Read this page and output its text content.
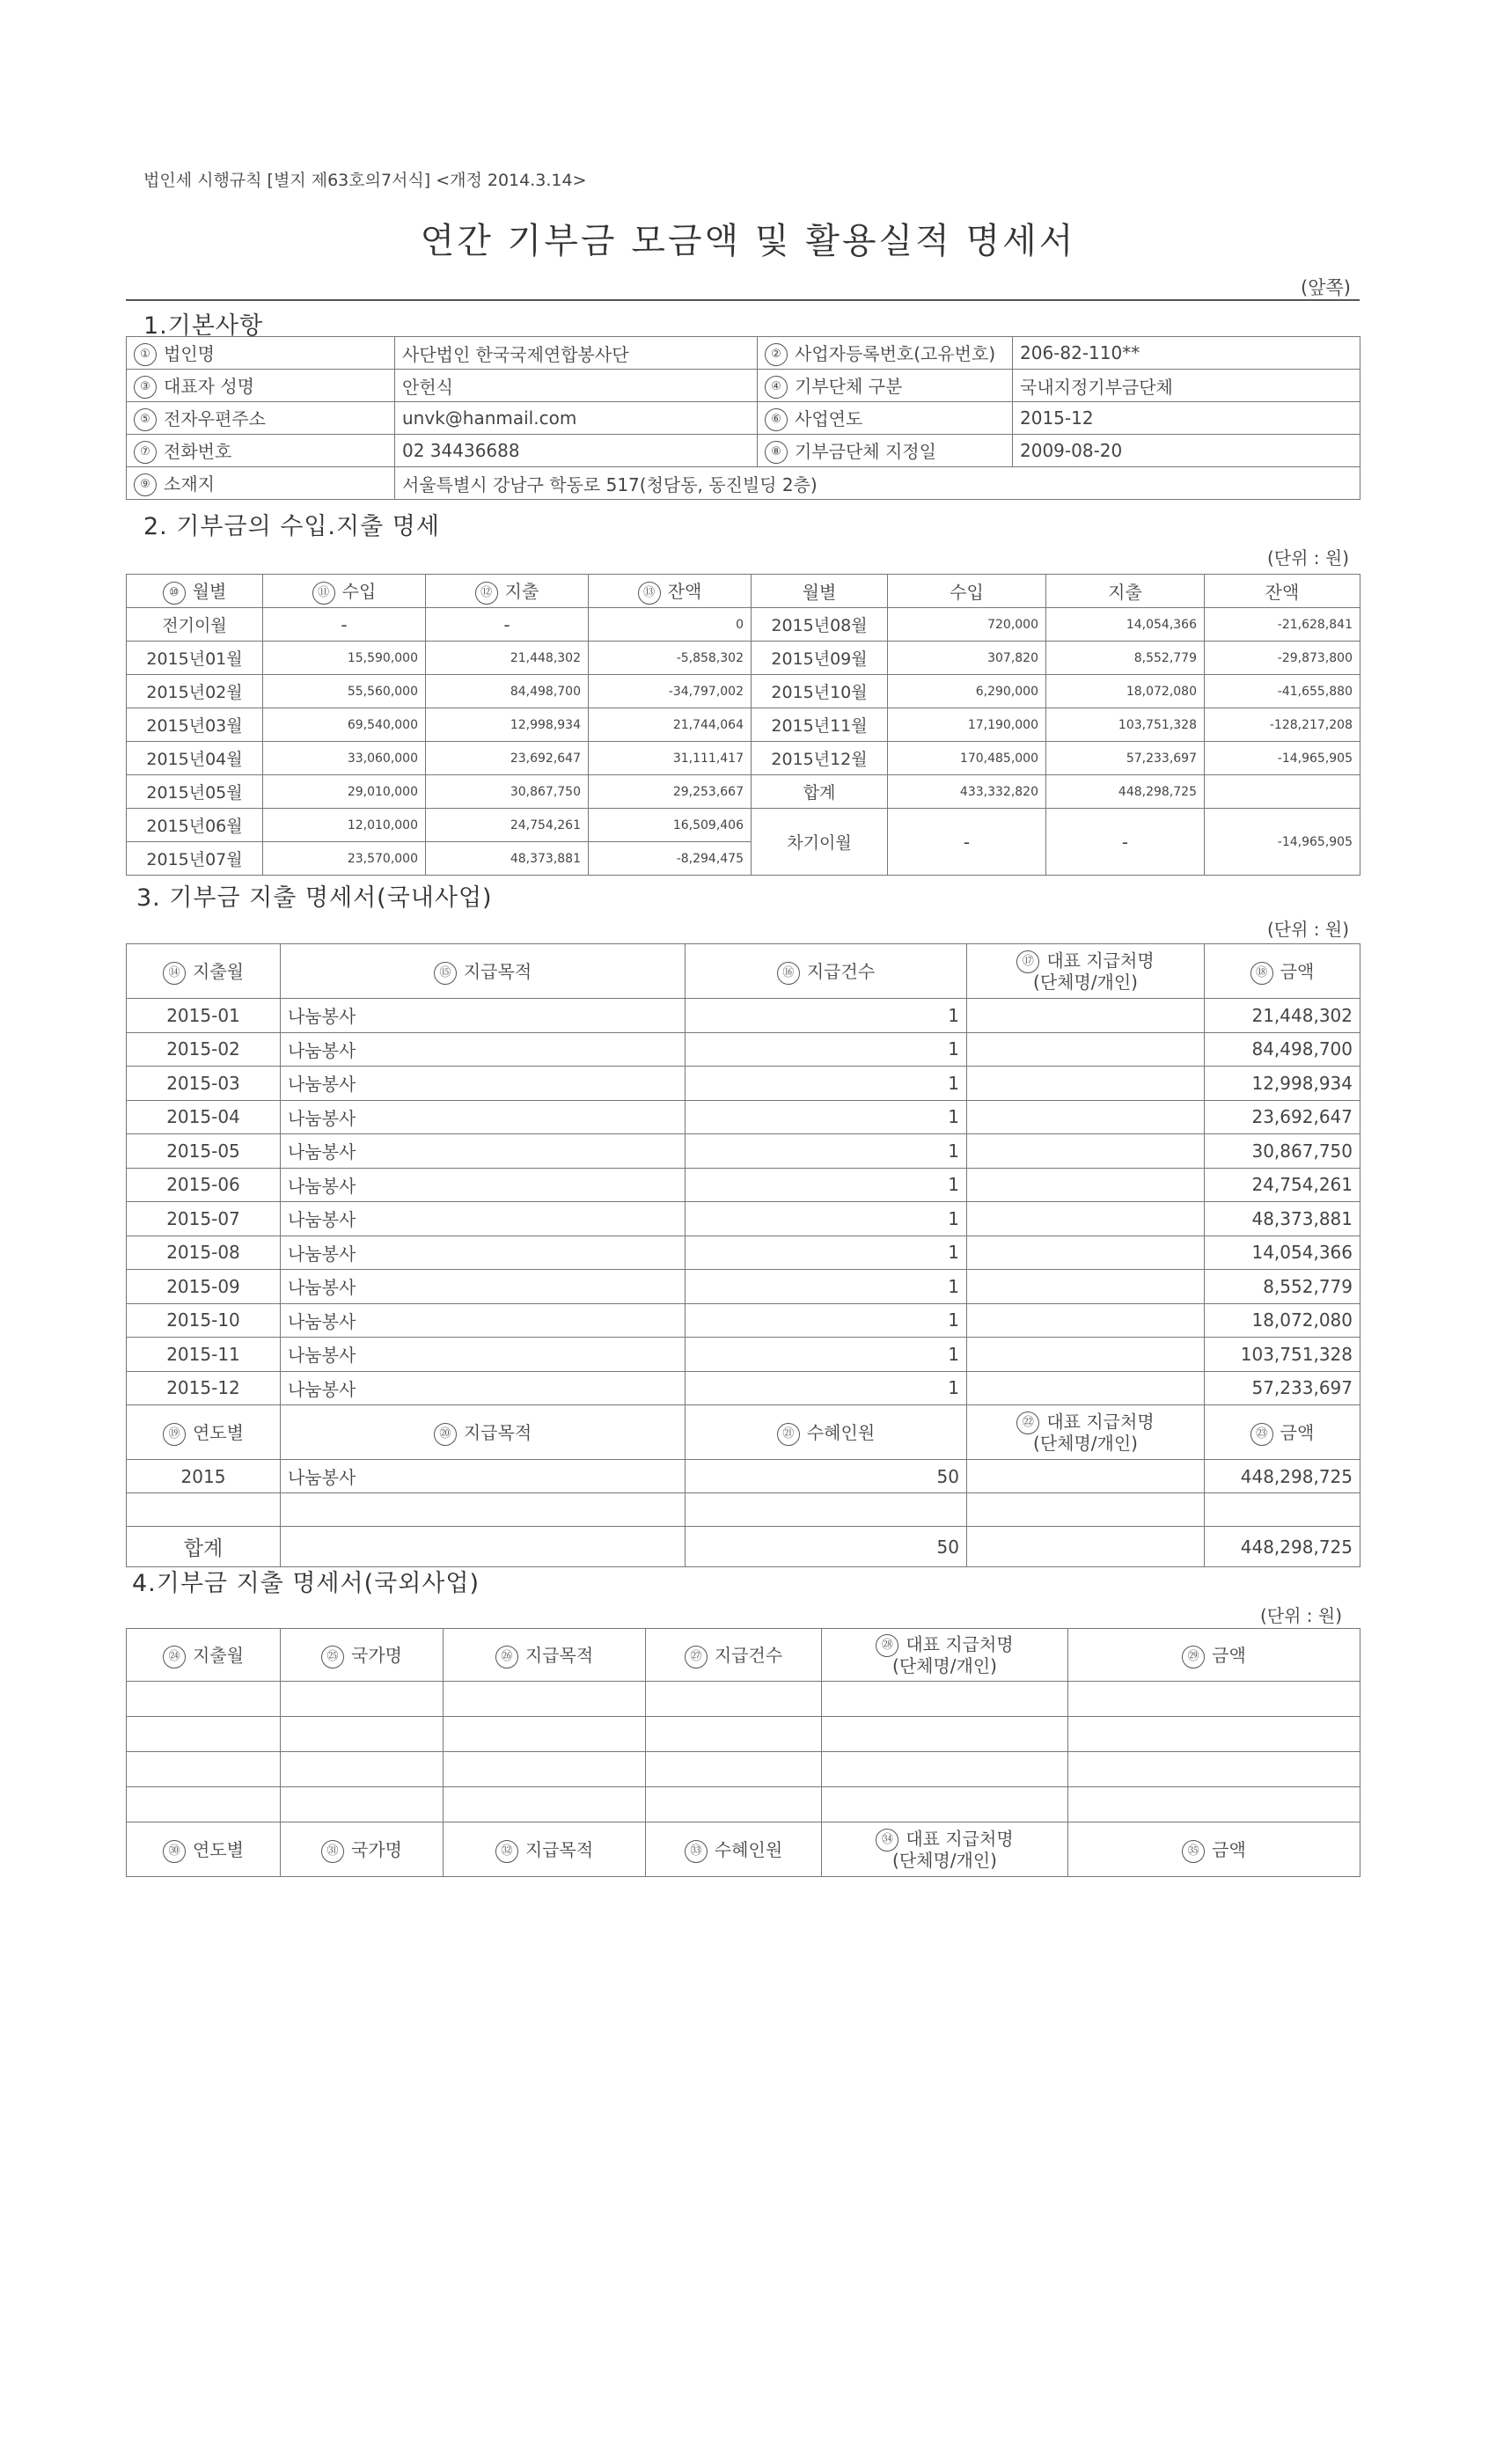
법인세 시행규칙 [별지 제63호의7서식] <개정 2014.3.14>
연간 기부금 모금액 및 활용실적 명세서
(앞쪽)
1.기본사항
① 법인명	사단법인 한국국제연합봉사단	② 사업자등록번호(고유번호)	206-82-110**
③ 대표자 성명	안헌식	④ 기부단체 구분	국내지정기부금단체
⑤ 전자우편주소	unvk@hanmail.com	⑥ 사업연도	2015-12
⑦ 전화번호	02 34436688	⑧ 기부금단체 지정일	2009-08-20
⑨ 소재지	서울특별시 강남구 학동로 517(청담동, 동진빌딩 2층)		
2. 기부금의 수입.지출 명세
(단위 : 원)
⑩ 월별	⑪ 수입	⑫ 지출	⑬ 잔액	월별	수입	지출	잔액
전기이월	-	-	0	2015년08월	720,000	14,054,366	-21,628,841
2015년01월	15,590,000	21,448,302	-5,858,302	2015년09월	307,820	8,552,779	-29,873,800
2015년02월	55,560,000	84,498,700	-34,797,002	2015년10월	6,290,000	18,072,080	-41,655,880
2015년03월	69,540,000	12,998,934	21,744,064	2015년11월	17,190,000	103,751,328	-128,217,208
2015년04월	33,060,000	23,692,647	31,111,417	2015년12월	170,485,000	57,233,697	-14,965,905
2015년05월	29,010,000	30,867,750	29,253,667	합계	433,332,820	448,298,725	
2015년06월	12,010,000	24,754,261	16,509,406	차기이월	-	-	-14,965,905
2015년07월	23,570,000	48,373,881	-8,294,475				
3. 기부금 지출 명세서(국내사업)
(단위 : 원)
⑭ 지출월	⑮ 지급목적	⑯ 지급건수	⑰ 대표 지급처명
(단체명/개인)	⑱ 금액
2015-01	나눔봉사	1		21,448,302
2015-02	나눔봉사	1		84,498,700
2015-03	나눔봉사	1		12,998,934
2015-04	나눔봉사	1		23,692,647
2015-05	나눔봉사	1		30,867,750
2015-06	나눔봉사	1		24,754,261
2015-07	나눔봉사	1		48,373,881
2015-08	나눔봉사	1		14,054,366
2015-09	나눔봉사	1		8,552,779
2015-10	나눔봉사	1		18,072,080
2015-11	나눔봉사	1		103,751,328
2015-12	나눔봉사	1		57,233,697
⑲ 연도별	⑳ 지급목적	㉑ 수혜인원	㉒ 대표 지급처명
(단체명/개인)	㉓ 금액
2015	나눔봉사	50		448,298,725

합계		50		448,298,725
4.기부금 지출 명세서(국외사업)
(단위 : 원)
㉔ 지출월	㉕ 국가명	㉖ 지급목적	㉗ 지급건수	㉘ 대표 지급처명
(단체명/개인)	㉙ 금액

㉚ 연도별	㉛ 국가명	㉜ 지급목적	㉝ 수혜인원	㉞ 대표 지급처명
(단체명/개인)	㉟ 금액
